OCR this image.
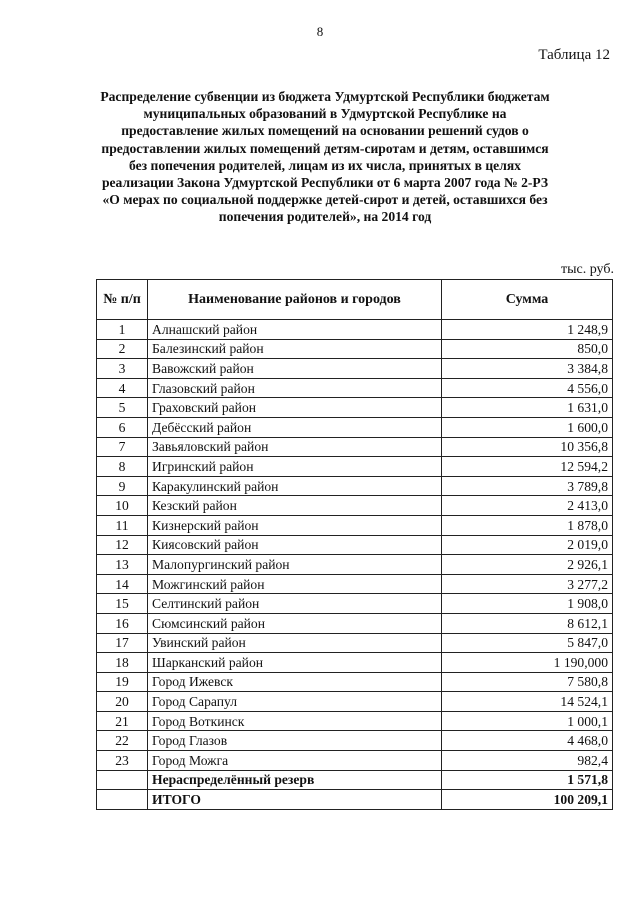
8
Таблица 12
Распределение субвенции из бюджета Удмуртской Республики бюджетам
муниципальных образований в Удмуртской Республике на
предоставление жилых помещений на основании решений судов о
предоставлении жилых помещений детям-сиротам и детям, оставшимся
без попечения родителей, лицам из их числа, принятых в целях
реализации Закона Удмуртской Республики от 6 марта 2007 года № 2-РЗ
«О мерах по социальной поддержке детей-сирот и детей, оставшихся без
попечения родителей», на 2014 год
тыс. руб.
№ п/п	Наименование районов и городов	Сумма
1	Алнашский район	1 248,9
2	Балезинский район	850,0
3	Вавожский район	3 384,8
4	Глазовский район	4 556,0
5	Граховский район	1 631,0
6	Дебёсский район	1 600,0
7	Завьяловский район	10 356,8
8	Игринский район	12 594,2
9	Каракулинский район	3 789,8
10	Кезский район	2 413,0
11	Кизнерский район	1 878,0
12	Киясовский район	2 019,0
13	Малопургинский район	2 926,1
14	Можгинский район	3 277,2
15	Селтинский район	1 908,0
16	Сюмсинский район	8 612,1
17	Увинский район	5 847,0
18	Шарканский район	1 190,000
19	Город Ижевск	7 580,8
20	Город Сарапул	14 524,1
21	Город Воткинск	1 000,1
22	Город Глазов	4 468,0
23	Город Можга	982,4
	Нераспределённый резерв	1 571,8
	ИТОГО	100 209,1
